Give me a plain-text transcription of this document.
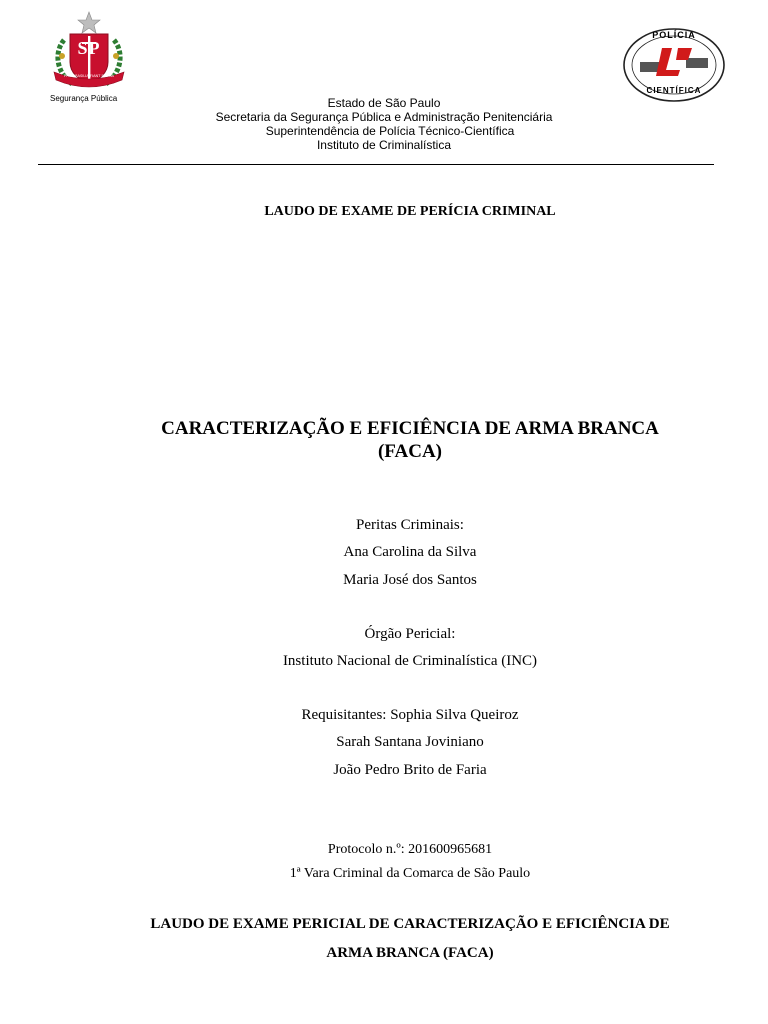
SP
PRO BRASILIA FIANT EXIMIA
Segurança Pública
POLÍCIA
CIENTÍFICA
Estado de São Paulo
Secretaria da Segurança Pública e Administração Penitenciária
Superintendência de Polícia Técnico-Científica
Instituto de Criminalística
LAUDO DE EXAME DE PERÍCIA CRIMINAL
CARACTERIZAÇÃO E EFICIÊNCIA DE ARMA BRANCA
(FACA)
Peritas Criminais:
Ana Carolina da Silva
Maria José dos Santos
Órgão Pericial:
Instituto Nacional de Criminalística (INC)
Requisitantes: Sophia Silva Queiroz
Sarah Santana Joviniano
João Pedro Brito de Faria
Protocolo n.º: 201600965681
1ª Vara Criminal da Comarca de São Paulo
LAUDO DE EXAME PERICIAL DE CARACTERIZAÇÃO E EFICIÊNCIA DE
ARMA BRANCA (FACA)
